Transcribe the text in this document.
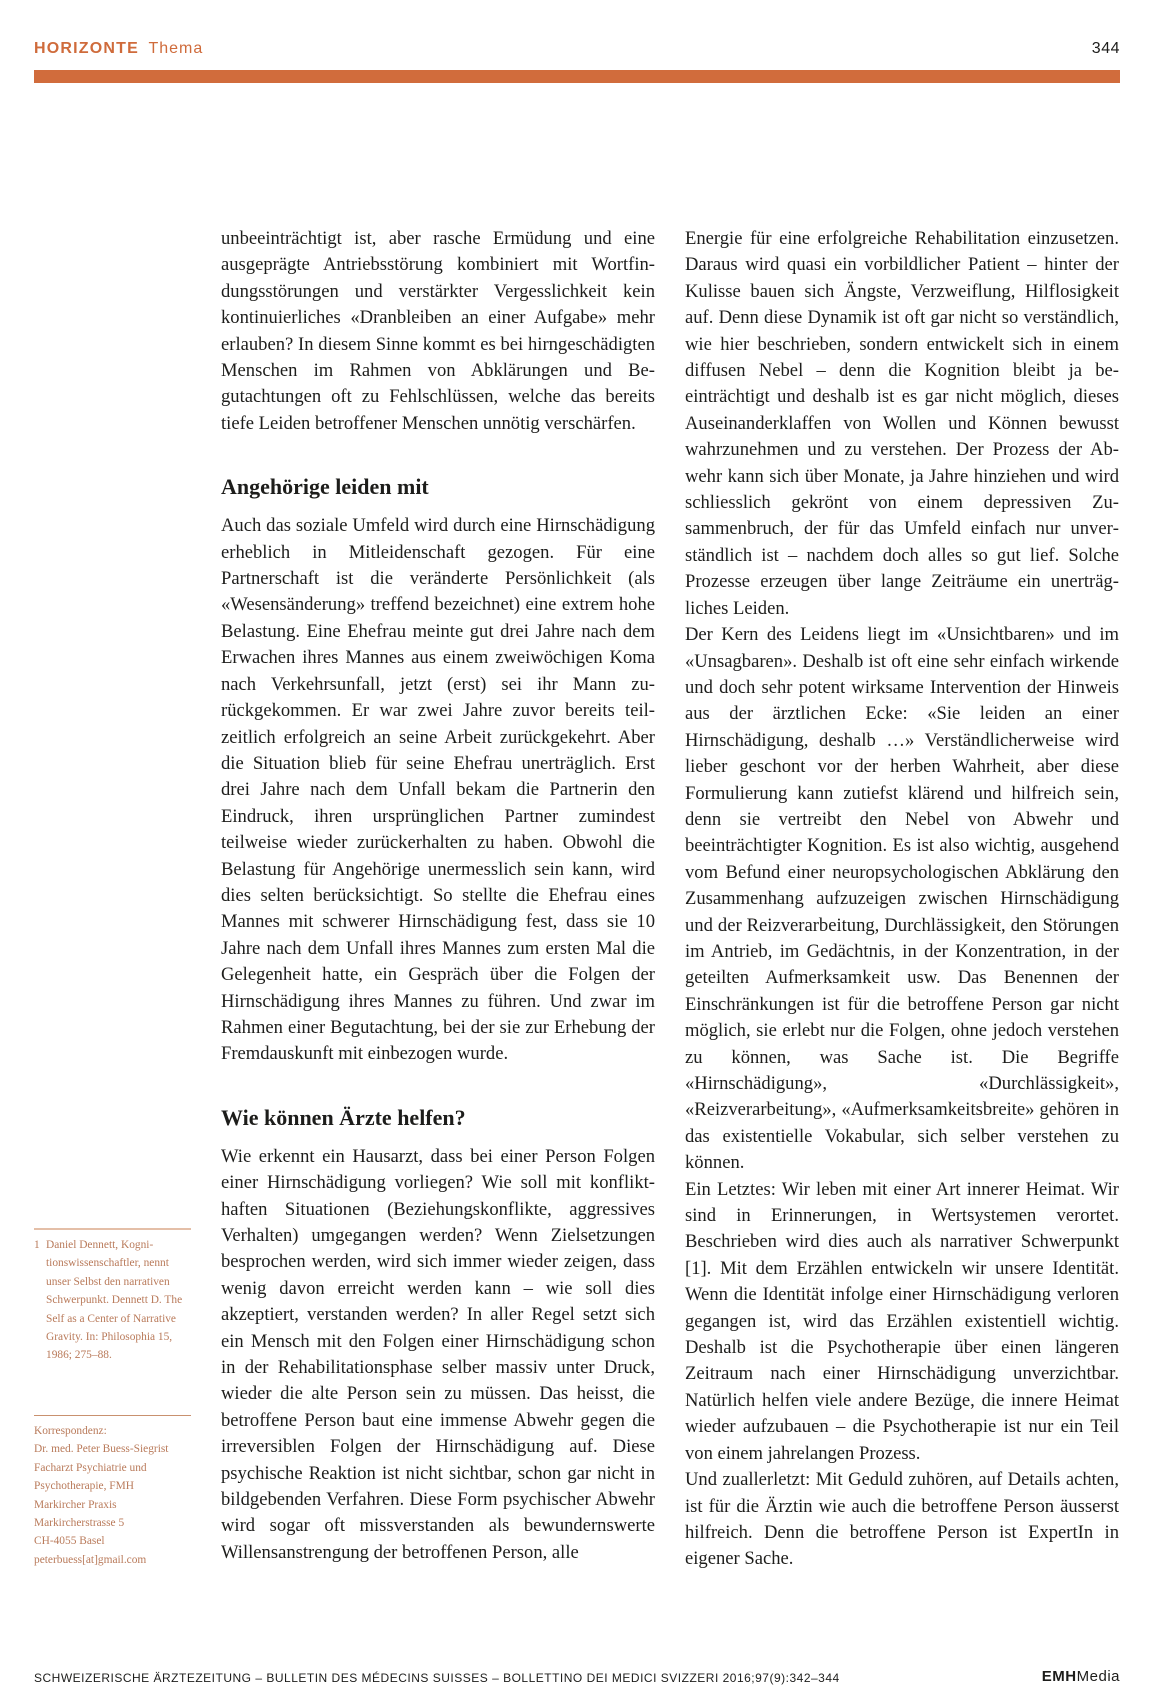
HORIZONTE Thema	344

unbeeinträchtigt ist, aber rasche Ermüdung und eine ausgeprägte Antriebsstörung kombiniert mit Wortfindungsstörungen und verstärkter Vergesslichkeit kein kontinuierliches «Dranbleiben an einer Aufgabe» mehr erlauben? In diesem Sinne kommt es bei hirngeschädigten Menschen im Rahmen von Abklärungen und Begutachtungen oft zu Fehlschlüssen, welche das bereits tiefe Leiden betroffener Menschen unnötig verschärfen.

Angehörige leiden mit

Auch das soziale Umfeld wird durch eine Hirnschädigung erheblich in Mitleidenschaft gezogen. Für eine Partnerschaft ist die veränderte Persönlichkeit (als «Wesensänderung» treffend bezeichnet) eine extrem hohe Belastung. Eine Ehefrau meinte gut drei Jahre nach dem Erwachen ihres Mannes aus einem zweiwöchigen Koma nach Verkehrsunfall, jetzt (erst) sei ihr Mann zurückgekommen. Er war zwei Jahre zuvor bereits teilzeitlich erfolgreich an seine Arbeit zurückgekehrt. Aber die Situation blieb für seine Ehefrau unerträglich. Erst drei Jahre nach dem Unfall bekam die Partnerin den Eindruck, ihren ursprünglichen Partner zumindest teilweise wieder zurückerhalten zu haben. Obwohl die Belastung für Angehörige unermesslich sein kann, wird dies selten berücksichtigt. So stellte die Ehefrau eines Mannes mit schwerer Hirnschädigung fest, dass sie 10 Jahre nach dem Unfall ihres Mannes zum ersten Mal die Gelegenheit hatte, ein Gespräch über die Folgen der Hirnschädigung ihres Mannes zu führen. Und zwar im Rahmen einer Begutachtung, bei der sie zur Erhebung der Fremdauskunft mit einbezogen wurde.

Wie können Ärzte helfen?

Wie erkennt ein Hausarzt, dass bei einer Person Folgen einer Hirnschädigung vorliegen? Wie soll mit konflikthaften Situationen (Beziehungskonflikte, aggressives Verhalten) umgegangen werden? Wenn Zielsetzungen besprochen werden, wird sich immer wieder zeigen, dass wenig davon erreicht werden kann – wie soll dies akzeptiert, verstanden werden? In aller Regel setzt sich ein Mensch mit den Folgen einer Hirnschädigung schon in der Rehabilitationsphase selber massiv unter Druck, wieder die alte Person sein zu müssen. Das heisst, die betroffene Person baut eine immense Abwehr gegen die irreversiblen Folgen der Hirnschädigung auf. Diese psychische Reaktion ist nicht sichtbar, schon gar nicht in bildgebenden Verfahren. Diese Form psychischer Abwehr wird sogar oft missverstanden als bewundernswerte Willensanstrengung der betroffenen Person, alle

Energie für eine erfolgreiche Rehabilitation einzusetzen. Daraus wird quasi ein vorbildlicher Patient – hinter der Kulisse bauen sich Ängste, Verzweiflung, Hilflosigkeit auf. Denn diese Dynamik ist oft gar nicht so verständlich, wie hier beschrieben, sondern entwickelt sich in einem diffusen Nebel – denn die Kognition bleibt ja beeinträchtigt und deshalb ist es gar nicht möglich, dieses Auseinanderklaffen von Wollen und Können bewusst wahrzunehmen und zu verstehen. Der Prozess der Abwehr kann sich über Monate, ja Jahre hinziehen und wird schliesslich gekrönt von einem depressiven Zusammenbruch, der für das Umfeld einfach nur unverständlich ist – nachdem doch alles so gut lief. Solche Prozesse erzeugen über lange Zeiträume ein unerträgliches Leiden.

Der Kern des Leidens liegt im «Unsichtbaren» und im «Unsagbaren». Deshalb ist oft eine sehr einfach wirkende und doch sehr potent wirksame Intervention der Hinweis aus der ärztlichen Ecke: «Sie leiden an einer Hirnschädigung, deshalb …» Verständlicherweise wird lieber geschont vor der herben Wahrheit, aber diese Formulierung kann zutiefst klärend und hilfreich sein, denn sie vertreibt den Nebel von Abwehr und beeinträchtigter Kognition. Es ist also wichtig, ausgehend vom Befund einer neuropsychologischen Abklärung den Zusammenhang aufzuzeigen zwischen Hirnschädigung und der Reizverarbeitung, Durchlässigkeit, den Störungen im Antrieb, im Gedächtnis, in der Konzentration, in der geteilten Aufmerksamkeit usw. Das Benennen der Einschränkungen ist für die betroffene Person gar nicht möglich, sie erlebt nur die Folgen, ohne jedoch verstehen zu können, was Sache ist. Die Begriffe «Hirnschädigung», «Durchlässigkeit», «Reizverarbeitung», «Aufmerksamkeitsbreite» gehören in das existentielle Vokabular, sich selber verstehen zu können.

Ein Letztes: Wir leben mit einer Art innerer Heimat. Wir sind in Erinnerungen, in Wertsystemen verortet. Beschrieben wird dies auch als narrativer Schwerpunkt [1]. Mit dem Erzählen entwickeln wir unsere Identität. Wenn die Identität infolge einer Hirnschädigung verloren gegangen ist, wird das Erzählen existentiell wichtig. Deshalb ist die Psychotherapie über einen längeren Zeitraum nach einer Hirnschädigung unverzichtbar. Natürlich helfen viele andere Bezüge, die innere Heimat wieder aufzubauen – die Psychotherapie ist nur ein Teil von einem jahrelangen Prozess.

Und zuallerletzt: Mit Geduld zuhören, auf Details achten, ist für die Ärztin wie auch die betroffene Person äusserst hilfreich. Denn die betroffene Person ist ExpertIn in eigener Sache.

1 Daniel Dennett, Kognitionswissenschaftler, nennt unser Selbst den narrativen Schwerpunkt. Dennett D. The Self as a Center of Narrative Gravity. In: Philosophia 15, 1986; 275–88.
Korrespondenz:
Dr. med. Peter Buess-Siegrist
Facharzt Psychiatrie und
Psychotherapie, FMH
Markircher Praxis
Markircherstrasse 5
CH-4055 Basel
peterbuess[at]gmail.com
SCHWEIZERISCHE ÄRZTEZEITUNG – BULLETIN DES MÉDECINS SUISSES – BOLLETTINO DEI MEDICI SVIZZERI 2016;97(9):342–344	EMHMedia
